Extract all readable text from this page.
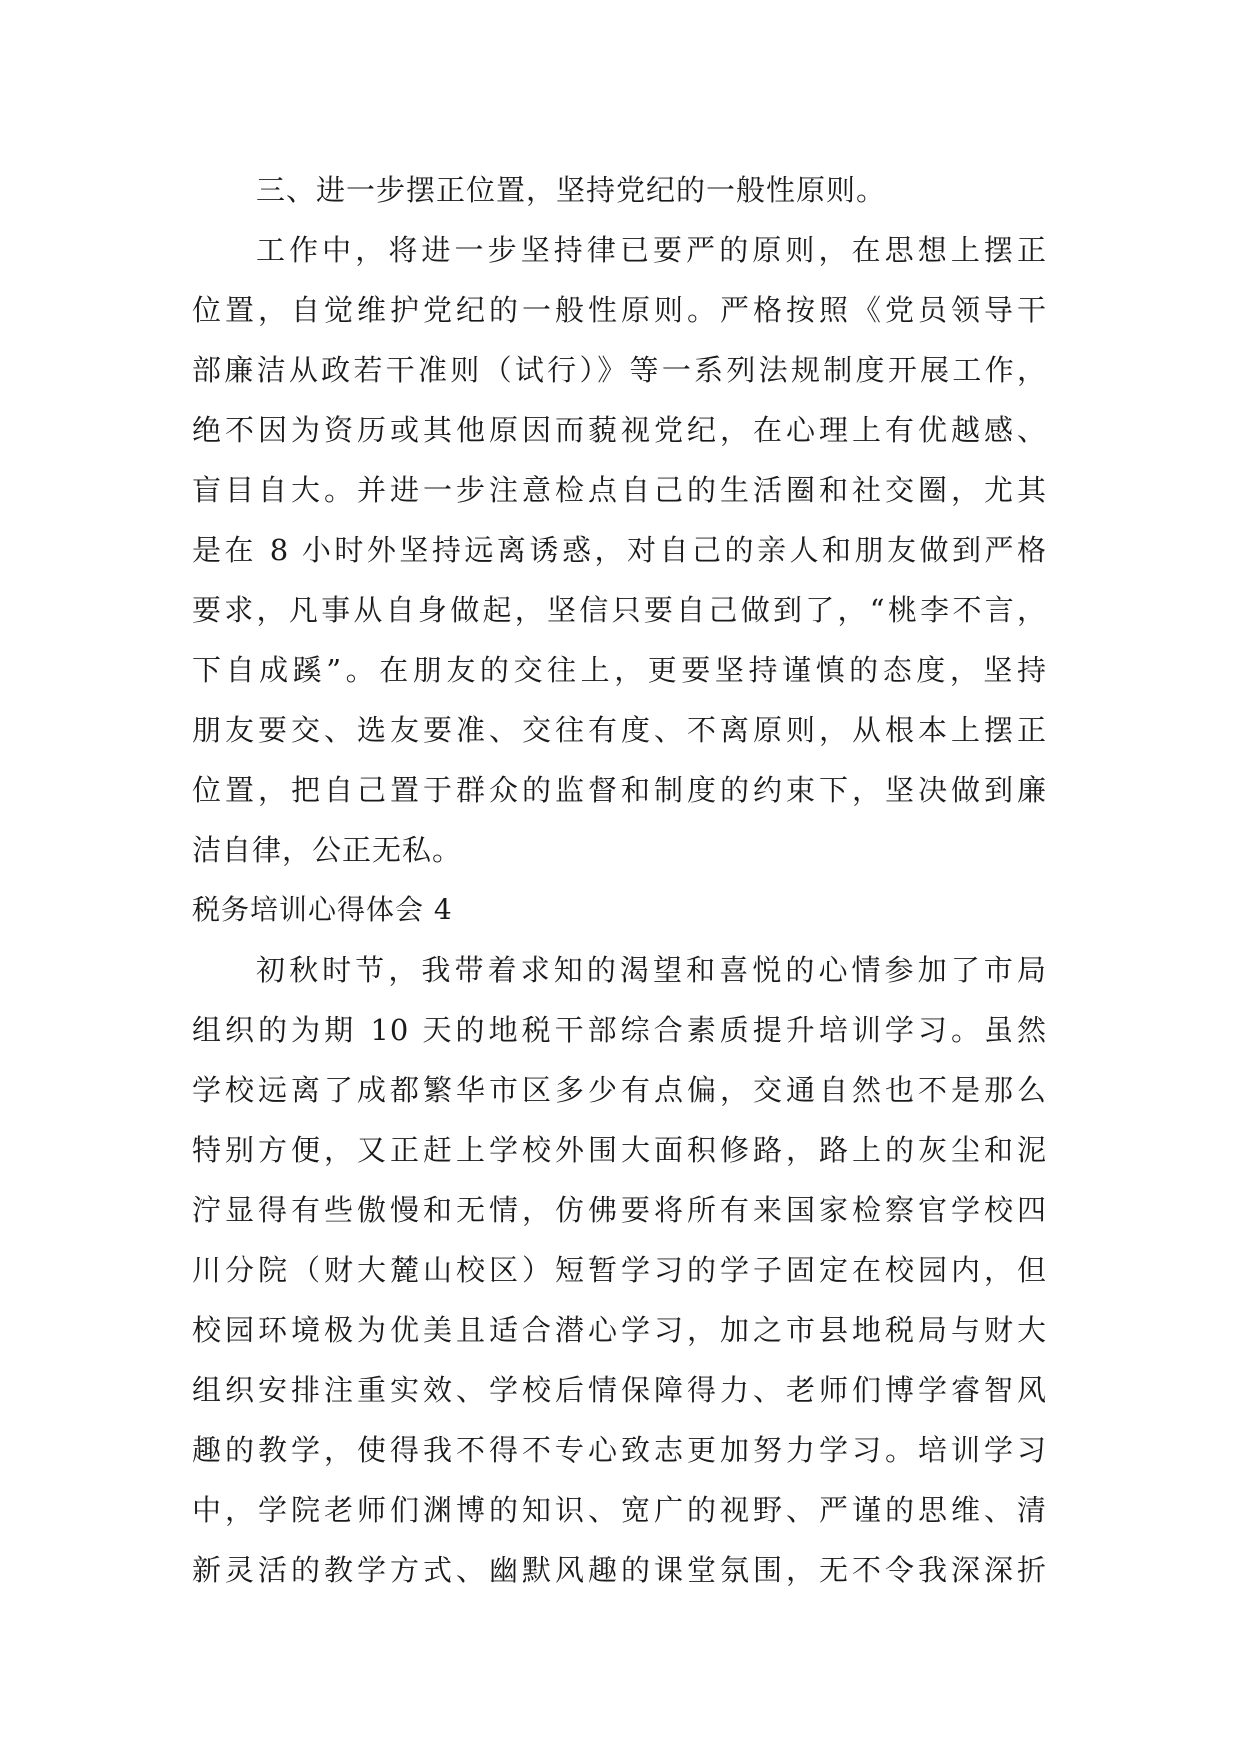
三、进一步摆正位置，坚持党纪的一般性原则。
工作中，将进一步坚持律已要严的原则，在思想上摆正
位置，自觉维护党纪的一般性原则。严格按照《党员领导干
部廉洁从政若干准则（试行）》等一系列法规制度开展工作，
绝不因为资历或其他原因而藐视党纪，在心理上有优越感、
盲目自大。并进一步注意检点自己的生活圈和社交圈，尤其
是在 8 小时外坚持远离诱惑，对自己的亲人和朋友做到严格
要求，凡事从自身做起，坚信只要自己做到了，“桃李不言，
下自成蹊”。在朋友的交往上，更要坚持谨慎的态度，坚持
朋友要交、选友要准、交往有度、不离原则，从根本上摆正
位置，把自己置于群众的监督和制度的约束下，坚决做到廉
洁自律，公正无私。
税务培训心得体会 4
初秋时节，我带着求知的渴望和喜悦的心情参加了市局
组织的为期 10 天的地税干部综合素质提升培训学习。虽然
学校远离了成都繁华市区多少有点偏，交通自然也不是那么
特别方便，又正赶上学校外围大面积修路，路上的灰尘和泥
泞显得有些傲慢和无情，仿佛要将所有来国家检察官学校四
川分院（财大麓山校区）短暂学习的学子固定在校园内，但
校园环境极为优美且适合潜心学习，加之市县地税局与财大
组织安排注重实效、学校后情保障得力、老师们博学睿智风
趣的教学，使得我不得不专心致志更加努力学习。培训学习
中，学院老师们渊博的知识、宽广的视野、严谨的思维、清
新灵活的教学方式、幽默风趣的课堂氛围，无不令我深深折
